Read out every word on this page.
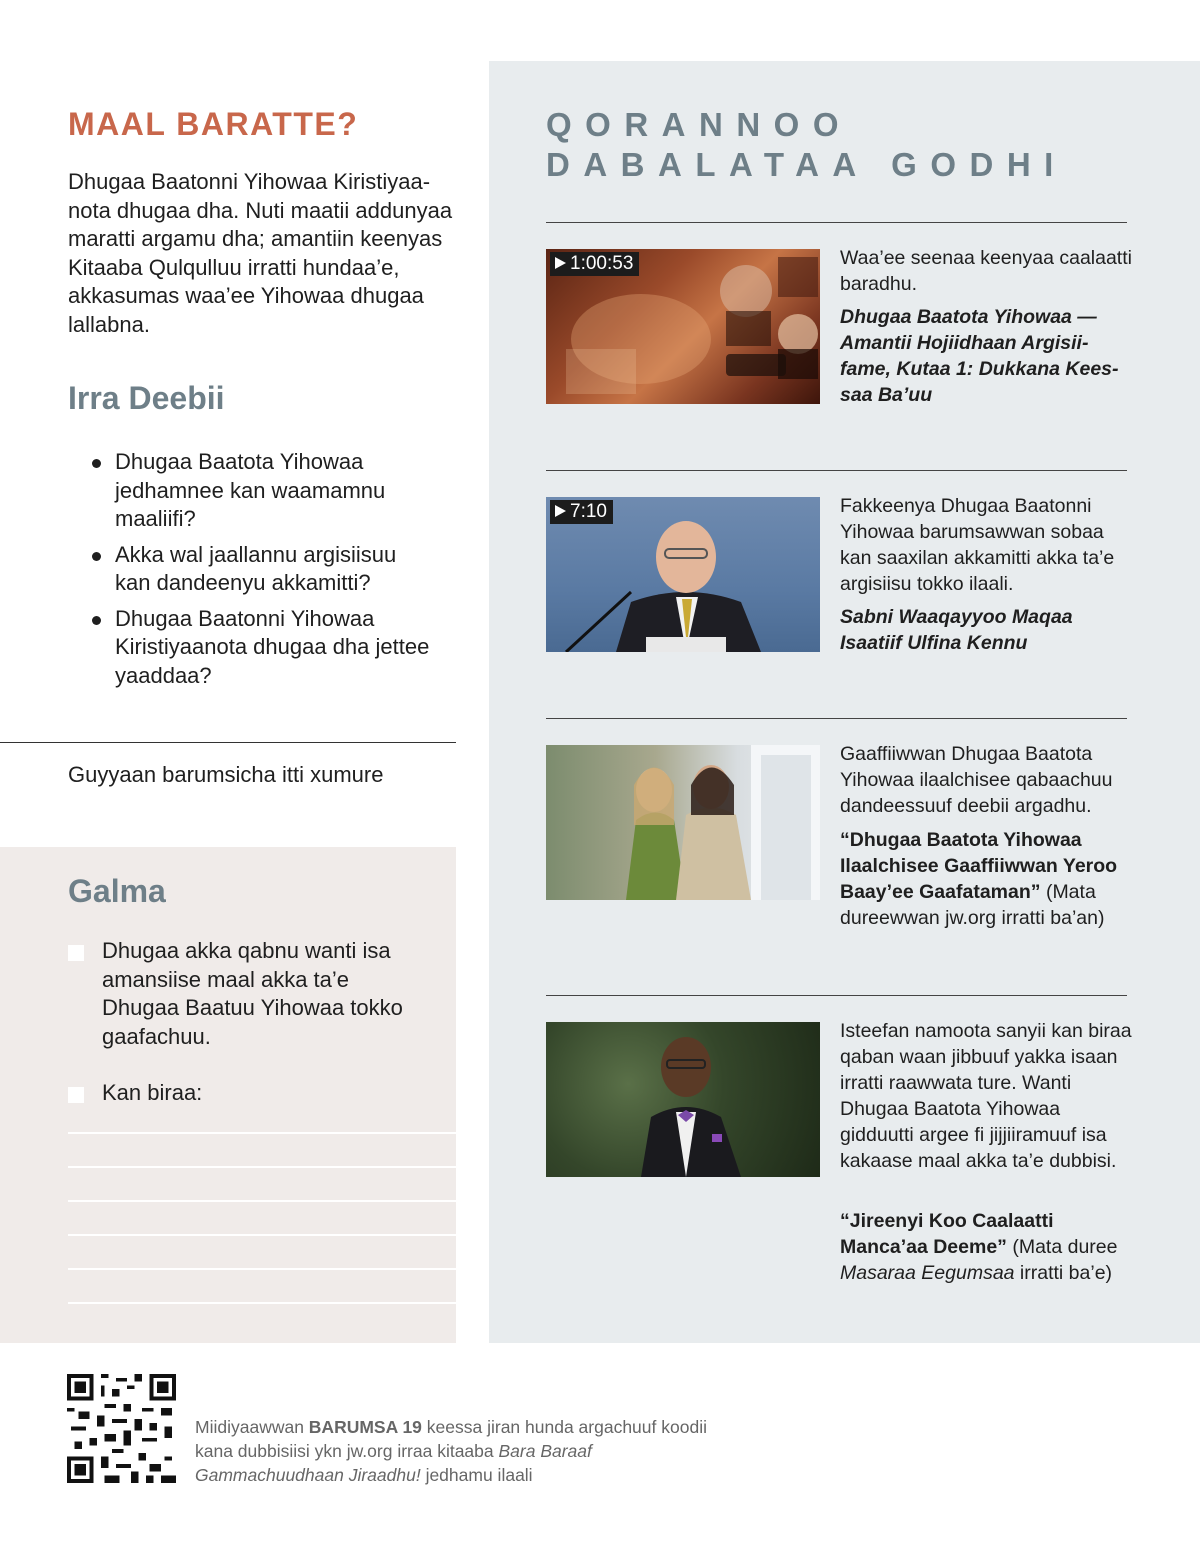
MAAL BARATTE?

Dhugaa Baatonni Yihowaa Kiristiyaanota dhugaa dha. Nuti maatii addunyaa maratti argamu dha; amantiin keenyas Kitaaba Qulqulluu irratti hundaa’e, akkasumas waa’ee Yihowaa dhugaa lallabna.

Irra Deebii
Dhugaa Baatota Yihowaa jedhamnee kan waamamnu maaliifi?
Akka wal jaallannu argisiisuu kan dandeenyu akkamitti?
Dhugaa Baatonni Yihowaa Kiristiyaanota dhugaa dha jettee yaaddaa?

Guyyaan barumsicha itti xumure

Galma

Dhugaa akka qabnu wanti isa amansiise maal akka ta’e Dhugaa Baatuu Yihowaa tokko gaafachuu.

Kan biraa:

QORANNOO
DABALATAA GODHI
1:00:53	Waa’ee seenaa keenyaa caalaatti baradhu.

Dhugaa Baatota Yihowaa —Amantii Hojiidhaan Argisiifame, Kutaa 1: Dukkana Keessaa Ba’uu

7:10	Fakkeenya Dhugaa Baatonni Yihowaa barumsawwan sobaa kan saaxilan akkamitti akka ta’e argisiisu tokko ilaali.

Sabni Waaqayyoo Maqaa Isaatiif Ulfina Kennu

Gaaffiiwwan Dhugaa Baatota Yihowaa ilaalchisee qabaachuu dandeessuuf deebii argadhu.

“Dhugaa Baatota Yihowaa Ilaalchisee Gaaffiiwwan Yeroo Baay’ee Gaafataman” (Mata dureewwan jw.org irratti ba’an)

Isteefan namoota sanyii kan biraa qaban waan jibbuuf yakka isaan irratti raawwata ture. Wanti Dhugaa Baatota Yihowaa gidduutti argee fi jijjiiramuuf isa kakaase maal akka ta’e dubbisi.

“Jireenyi Koo Caalaatti Manca’aa Deeme” (Mata duree Masaraa Eegumsaa irratti ba’e)

Miidiyaawwan BARUMSA 19 keessa jiran hunda argachuuf koodii kana dubbisiisi ykn jw.org irraa kitaaba Bara Baraaf Gammachuudhaan Jiraadhu! jedhamu ilaali
